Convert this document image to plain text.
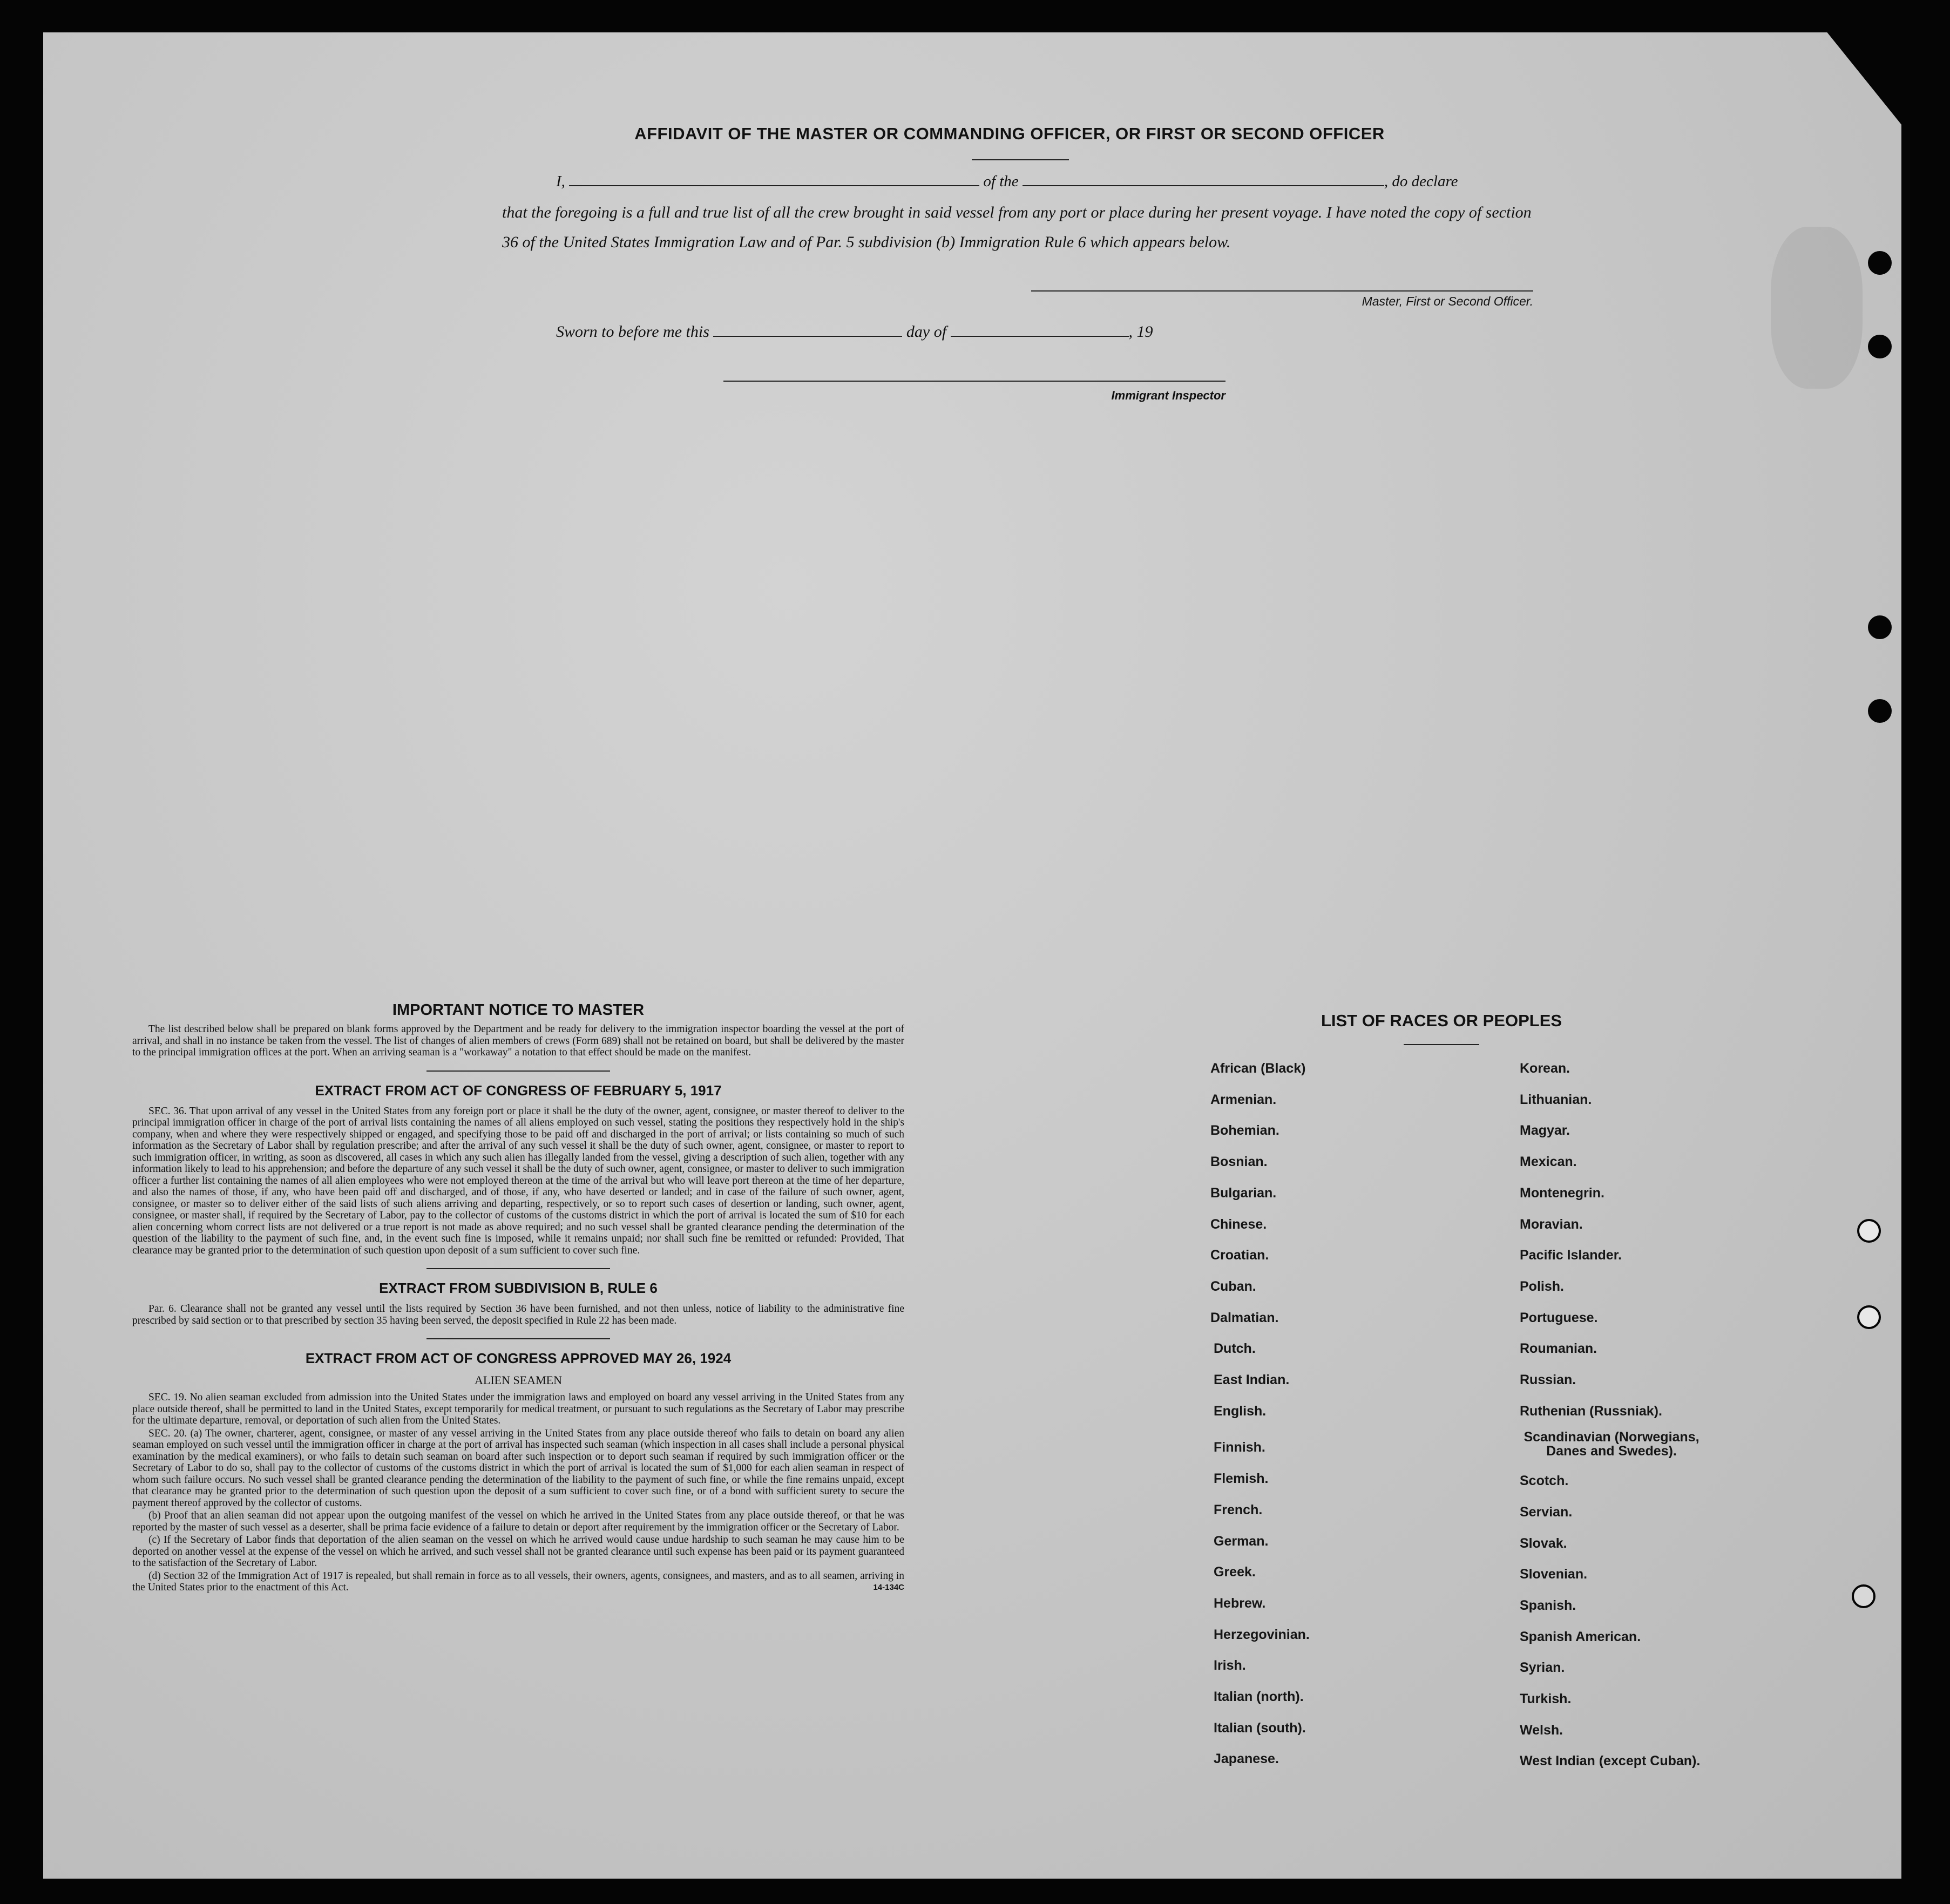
AFFIDAVIT OF THE MASTER OR COMMANDING OFFICER, OR FIRST OR SECOND OFFICER
I,	of the	, do declare
that the foregoing is a full and true list of all the crew brought in said vessel from any port or place during her present voyage. I have noted the copy of section 36 of the United States Immigration Law and of Par. 5 subdivision (b) Immigration Rule 6 which appears below.
Master, First or Second Officer.
Sworn to before me this	day of	, 19
Immigrant Inspector
IMPORTANT NOTICE TO MASTER
The list described below shall be prepared on blank forms approved by the Department and be ready for delivery to the immigration inspector boarding the vessel at the port of arrival, and shall in no instance be taken from the vessel. The list of changes of alien members of crews (Form 689) shall not be retained on board, but shall be delivered by the master to the principal immigration offices at the port. When an arriving seaman is a "workaway" a notation to that effect should be made on the manifest.
EXTRACT FROM ACT OF CONGRESS OF FEBRUARY 5, 1917
SEC. 36. That upon arrival of any vessel in the United States from any foreign port or place it shall be the duty of the owner, agent, consignee, or master thereof to deliver to the principal immigration officer in charge of the port of arrival lists containing the names of all aliens employed on such vessel, stating the positions they respectively hold in the ship's company, when and where they were respectively shipped or engaged, and specifying those to be paid off and discharged in the port of arrival; or lists containing so much of such information as the Secretary of Labor shall by regulation prescribe; and after the arrival of any such vessel it shall be the duty of such owner, agent, consignee, or master to report to such immigration officer, in writing, as soon as discovered, all cases in which any such alien has illegally landed from the vessel, giving a description of such alien, together with any information likely to lead to his apprehension; and before the departure of any such vessel it shall be the duty of such owner, agent, consignee, or master to deliver to such immigration officer a further list containing the names of all alien employees who were not employed thereon at the time of the arrival but who will leave port thereon at the time of her departure, and also the names of those, if any, who have been paid off and discharged, and of those, if any, who have deserted or landed; and in case of the failure of such owner, agent, consignee, or master so to deliver either of the said lists of such aliens arriving and departing, respectively, or so to report such cases of desertion or landing, such owner, agent, consignee, or master shall, if required by the Secretary of Labor, pay to the collector of customs of the customs district in which the port of arrival is located the sum of $10 for each alien concerning whom correct lists are not delivered or a true report is not made as above required; and no such vessel shall be granted clearance pending the determination of the question of the liability to the payment of such fine, and, in the event such fine is imposed, while it remains unpaid; nor shall such fine be remitted or refunded: Provided, That clearance may be granted prior to the determination of such question upon deposit of a sum sufficient to cover such fine.
EXTRACT FROM SUBDIVISION B, RULE 6
Par. 6. Clearance shall not be granted any vessel until the lists required by Section 36 have been furnished, and not then unless, notice of liability to the administrative fine prescribed by said section or to that prescribed by section 35 having been served, the deposit specified in Rule 22 has been made.
EXTRACT FROM ACT OF CONGRESS APPROVED MAY 26, 1924
ALIEN SEAMEN
SEC. 19. No alien seaman excluded from admission into the United States under the immigration laws and employed on board any vessel arriving in the United States from any place outside thereof, shall be permitted to land in the United States, except temporarily for medical treatment, or pursuant to such regulations as the Secretary of Labor may prescribe for the ultimate departure, removal, or deportation of such alien from the United States.
SEC. 20. (a) The owner, charterer, agent, consignee, or master of any vessel arriving in the United States from any place outside thereof who fails to detain on board any alien seaman employed on such vessel until the immigration officer in charge at the port of arrival has inspected such seaman (which inspection in all cases shall include a personal physical examination by the medical examiners), or who fails to detain such seaman on board after such inspection or to deport such seaman if required by such immigration officer or the Secretary of Labor to do so, shall pay to the collector of customs of the customs district in which the port of arrival is located the sum of $1,000 for each alien seaman in respect of whom such failure occurs. No such vessel shall be granted clearance pending the determination of the liability to the payment of such fine, or while the fine remains unpaid, except that clearance may be granted prior to the determination of such question upon the deposit of a sum sufficient to cover such fine, or of a bond with sufficient surety to secure the payment thereof approved by the collector of customs.
(b) Proof that an alien seaman did not appear upon the outgoing manifest of the vessel on which he arrived in the United States from any place outside thereof, or that he was reported by the master of such vessel as a deserter, shall be prima facie evidence of a failure to detain or deport after requirement by the immigration officer or the Secretary of Labor.
(c) If the Secretary of Labor finds that deportation of the alien seaman on the vessel on which he arrived would cause undue hardship to such seaman he may cause him to be deported on another vessel at the expense of the vessel on which he arrived, and such vessel shall not be granted clearance until such expense has been paid or its payment guaranteed to the satisfaction of the Secretary of Labor.
(d) Section 32 of the Immigration Act of 1917 is repealed, but shall remain in force as to all vessels, their owners, agents, consignees, and masters, and as to all seamen, arriving in the United States prior to the enactment of this Act.	14-134C
LIST OF RACES OR PEOPLES
African (Black)
Armenian.
Bohemian.
Bosnian.
Bulgarian.
Chinese.
Croatian.
Cuban.
Dalmatian.
Dutch.
East Indian.
English.
Finnish.
Flemish.
French.
German.
Greek.
Hebrew.
Herzegovinian.
Irish.
Italian (north).
Italian (south).
Japanese.
Korean.
Lithuanian.
Magyar.
Mexican.
Montenegrin.
Moravian.
Pacific Islander.
Polish.
Portuguese.
Roumanian.
Russian.
Ruthenian (Russniak).
Scandinavian (Norwegians, Danes and Swedes).
Scotch.
Servian.
Slovak.
Slovenian.
Spanish.
Spanish American.
Syrian.
Turkish.
Welsh.
West Indian (except Cuban).
